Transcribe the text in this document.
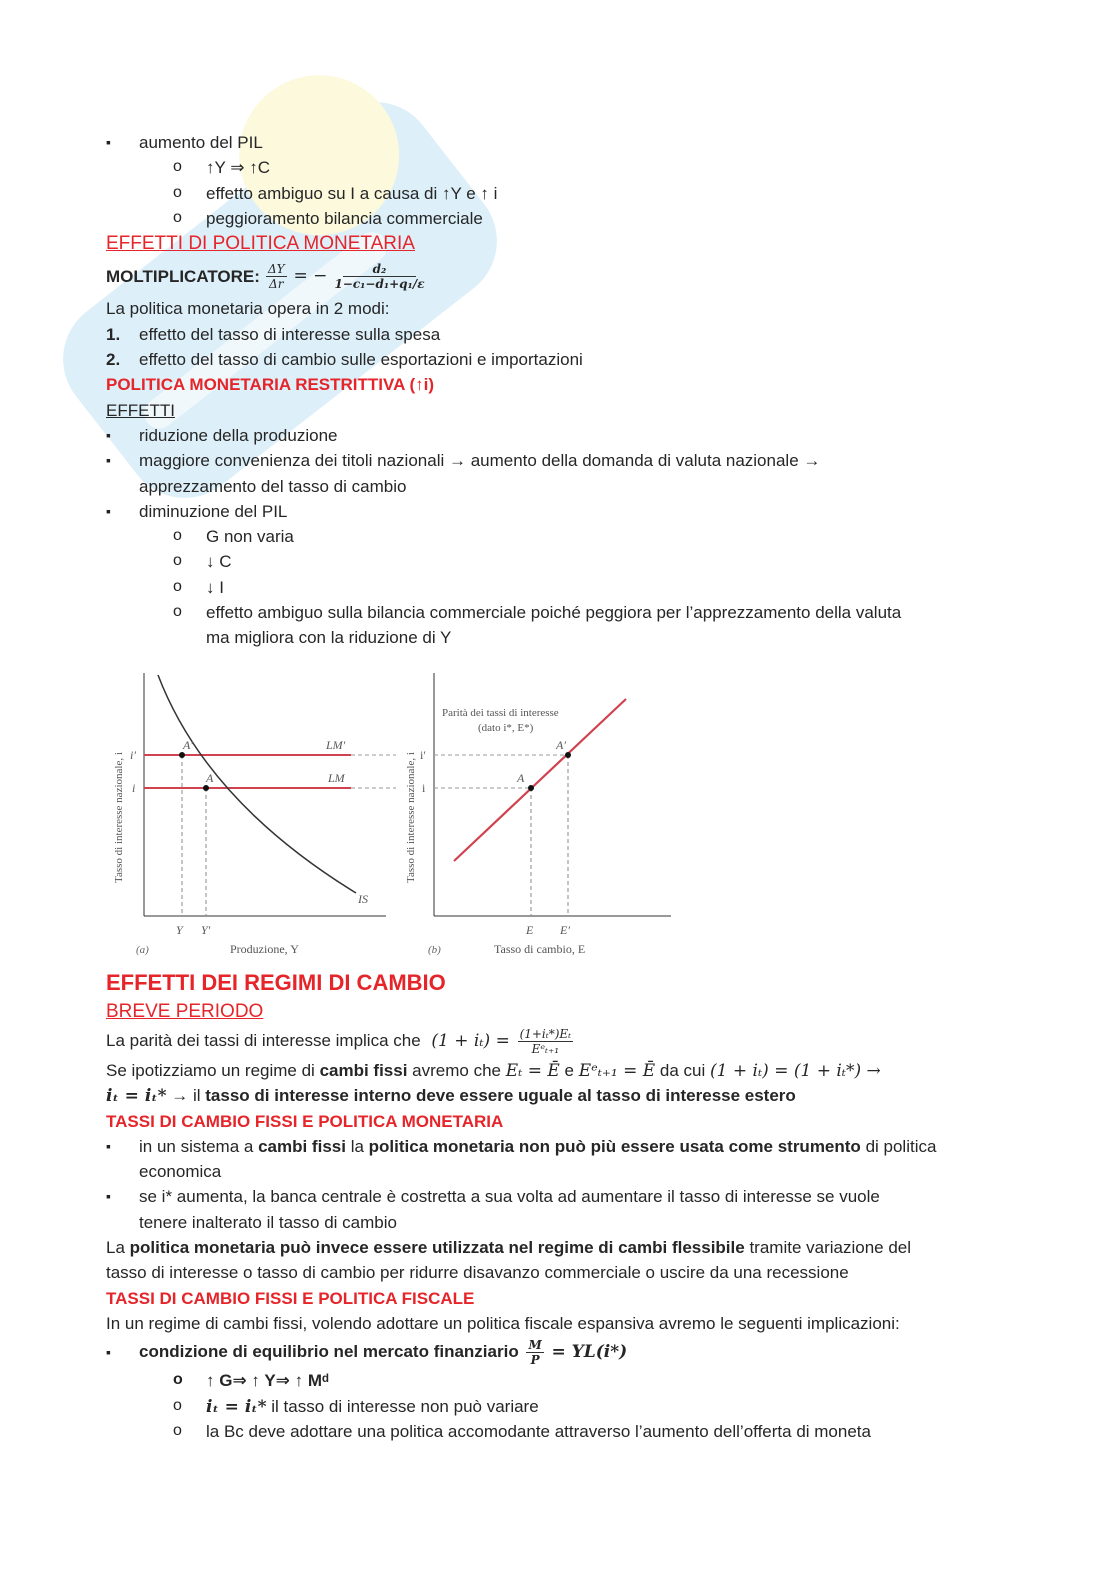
▪ aumento del PIL
o ↑Y ⇒ ↑C
o effetto ambiguo su I a causa di ↑Y e ↑ i
o peggioramento bilancia commerciale
EFFETTI DI POLITICA MONETARIA
MOLTIPLICATORE: $\frac{\Delta Y}{\Delta r}$ = − $\frac{\text{d₂}}{\text{1−c₁−d₁+q₁/ε}}$
La politica monetaria opera in 2 modi:
1. effetto del tasso di interesse sulla spesa
2. effetto del tasso di cambio sulle esportazioni e importazioni
POLITICA MONETARIA RESTRITTIVA (↑i)
EFFETTI
▪ riduzione della produzione
▪ maggiore convenienza dei titoli nazionali → aumento della domanda di valuta nazionale →
apprezzamento del tasso di cambio
▪ diminuzione del PIL
o G non varia
o ↓ C
o ↓ I
o effetto ambiguo sulla bilancia commerciale poiché peggiora per l’apprezzamento della valuta
ma migliora con la riduzione di Y
Tasso di interesse nazionale, i i′
i
A′
A
LM′
LM
IS
Y Y′
(a)	Produzione, Y
Tasso di interesse nazionale, i i′
i
A′
A
Parità dei tassi di interesse
(dato i*, E*)
E E′
(b)	Tasso di cambio, E
EFFETTI DEI REGIMI DI CAMBIO
BREVE PERIODO
La parità dei tassi di interesse implica che $(1 + i_t) = \frac{\text{(1+iₜ*)Eₜ}}{\text{Eᵉₜ₊₁}}$
Se ipotizziamo un regime di cambi fissi avremo che Eₜ = Ē e Eᵉₜ₊₁ = Ē da cui (1 + iₜ) = (1 + iₜ*) →
iₜ = iₜ* → il tasso di interesse interno deve essere uguale al tasso di interesse estero
TASSI DI CAMBIO FISSI E POLITICA MONETARIA
▪ in un sistema a cambi fissi la politica monetaria non può più essere usata come strumento di politica
economica
▪ se i* aumenta, la banca centrale è costretta a sua volta ad aumentare il tasso di interesse se vuole
tenere inalterato il tasso di cambio
La politica monetaria può invece essere utilizzata nel regime di cambi flessibile tramite variazione del
tasso di interesse o tasso di cambio per ridurre disavanzo commerciale o uscire da una recessione
TASSI DI CAMBIO FISSI E POLITICA FISCALE
In un regime di cambi fissi, volendo adottare un politica fiscale espansiva avremo le seguenti implicazioni:
▪ condizione di equilibrio nel mercato finanziario $\frac{M}{P} = YL(i*)$
o ↑ G⇒ ↑ Y⇒ ↑ Mᵈ
o iₜ = iₜ* il tasso di interesse non può variare
o la Bc deve adottare una politica accomodante attraverso l’aumento dell’offerta di moneta
